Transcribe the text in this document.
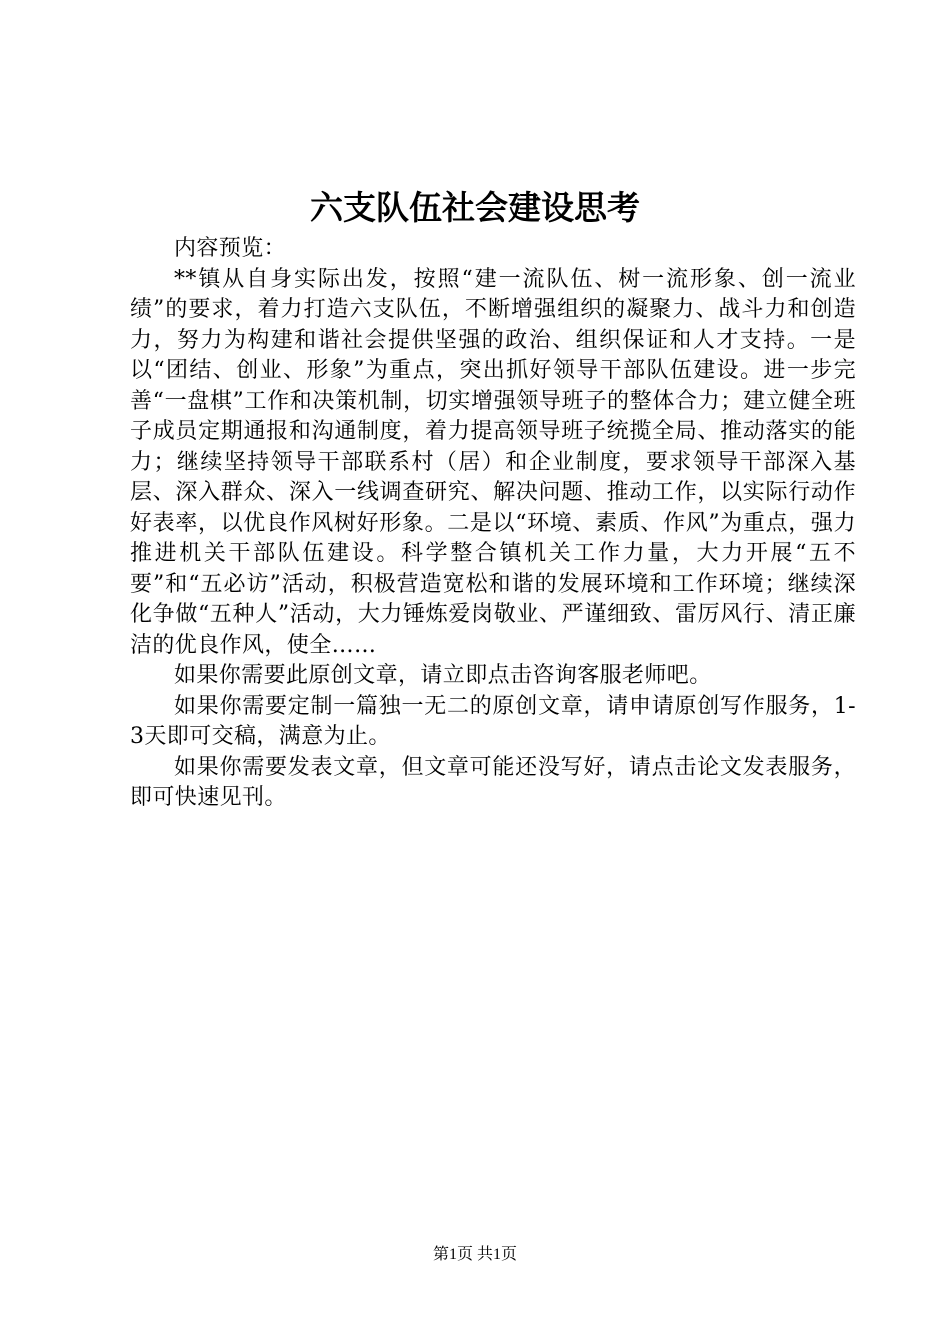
六支队伍社会建设思考

内容预览：

**镇从自身实际出发，按照“建一流队伍、树一流形象、创一流业绩”的要求，着力打造六支队伍，不断增强组织的凝聚力、战斗力和创造力，努力为构建和谐社会提供坚强的政治、组织保证和人才支持。一是以“团结、创业、形象”为重点，突出抓好领导干部队伍建设。进一步完善“一盘棋”工作和决策机制，切实增强领导班子的整体合力；建立健全班子成员定期通报和沟通制度，着力提高领导班子统揽全局、推动落实的能力；继续坚持领导干部联系村（居）和企业制度，要求领导干部深入基层、深入群众、深入一线调查研究、解决问题、推动工作，以实际行动作好表率，以优良作风树好形象。二是以“环境、素质、作风”为重点，强力推进机关干部队伍建设。科学整合镇机关工作力量，大力开展“五不要”和“五必访”活动，积极营造宽松和谐的发展环境和工作环境；继续深化争做“五种人”活动，大力锤炼爱岗敬业、严谨细致、雷厉风行、清正廉洁的优良作风，使全……

如果你需要此原创文章，请立即点击咨询客服老师吧。

如果你需要定制一篇独一无二的原创文章，请申请原创写作服务，1-3天即可交稿，满意为止。

如果你需要发表文章，但文章可能还没写好，请点击论文发表服务，即可快速见刊。

第1页 共1页
